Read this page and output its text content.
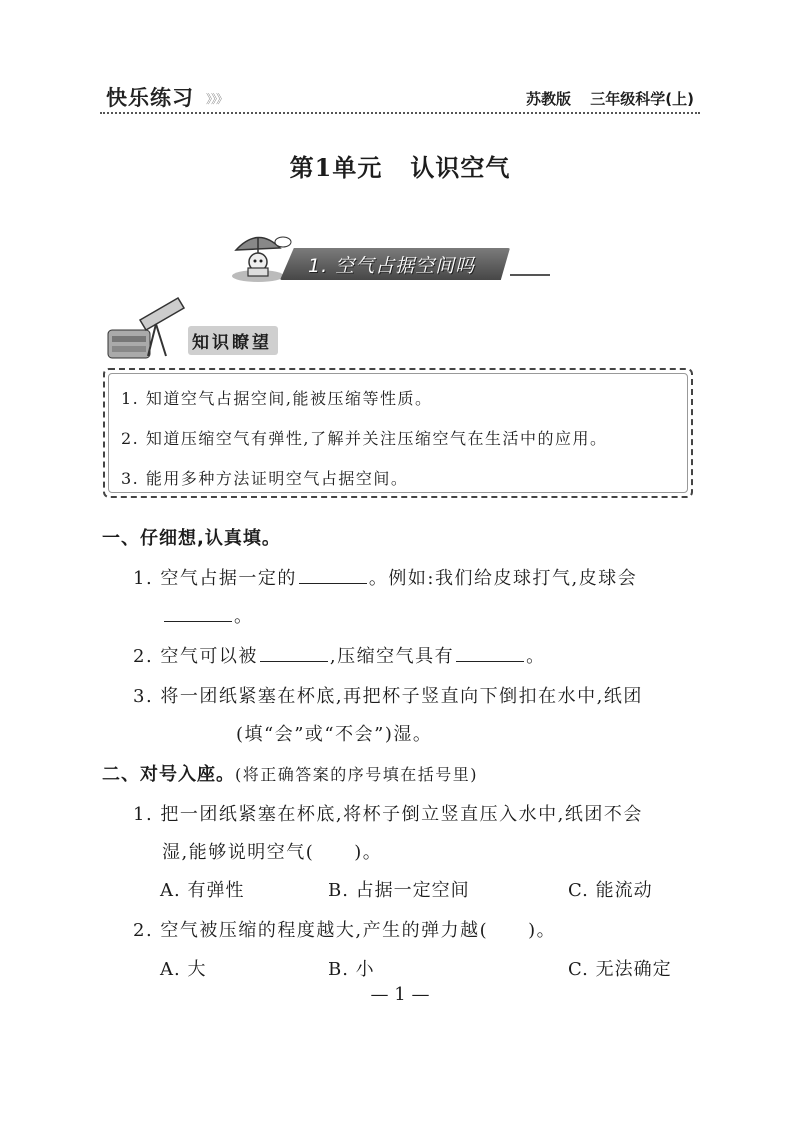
快乐练习 》》》	苏教版 三年级科学(上)
第1单元 认识空气
1. 空气占据空间吗
知识瞭望
1. 知道空气占据空间,能被压缩等性质。
2. 知道压缩空气有弹性,了解并关注压缩空气在生活中的应用。
3. 能用多种方法证明空气占据空间。
一、仔细想,认真填。
1. 空气占据一定的	。例如:我们给皮球打气,皮球会
。
2. 空气可以被	,压缩空气具有	。
3. 将一团纸紧塞在杯底,再把杯子竖直向下倒扣在水中,纸团
(填“会”或“不会”)湿。
二、对号入座。(将正确答案的序号填在括号里)
1. 把一团纸紧塞在杯底,将杯子倒立竖直压入水中,纸团不会
湿,能够说明空气( )。
A. 有弹性	B. 占据一定空间	C. 能流动
2. 空气被压缩的程度越大,产生的弹力越( )。
A. 大	B. 小	C. 无法确定
— 1 —
